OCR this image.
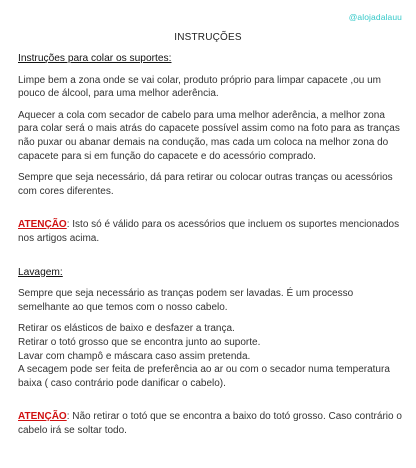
@alojadalauu
INSTRUÇÕES

Instruções para colar os suportes:

Limpe bem a zona onde se vai colar, produto próprio para limpar capacete ,ou um pouco de álcool, para uma melhor aderência.

Aquecer a cola com secador de cabelo para uma melhor aderência, a melhor zona para colar será o mais atrás do capacete possível assim como na foto para as tranças não puxar ou abanar demais na condução, mas cada um coloca na melhor zona do capacete para si em função do capacete e do acessório comprado.

Sempre que seja necessário, dá para retirar ou colocar outras tranças ou acessórios com cores diferentes.

ATENÇÃO: Isto só é válido para os acessórios que incluem os suportes mencionados nos artigos acima.

Lavagem:

Sempre que seja necessário as tranças podem ser lavadas. É um processo semelhante ao que temos com o nosso cabelo.

Retirar os elásticos de baixo e desfazer a trança.
Retirar o totó grosso que se encontra junto ao suporte.
Lavar com champô e máscara caso assim pretenda.
A secagem pode ser feita de preferência ao ar ou com o secador numa temperatura baixa ( caso contrário pode danificar o cabelo).

ATENÇÃO: Não retirar o totó que se encontra a baixo do totó grosso. Caso contrário o cabelo irá se soltar todo.
